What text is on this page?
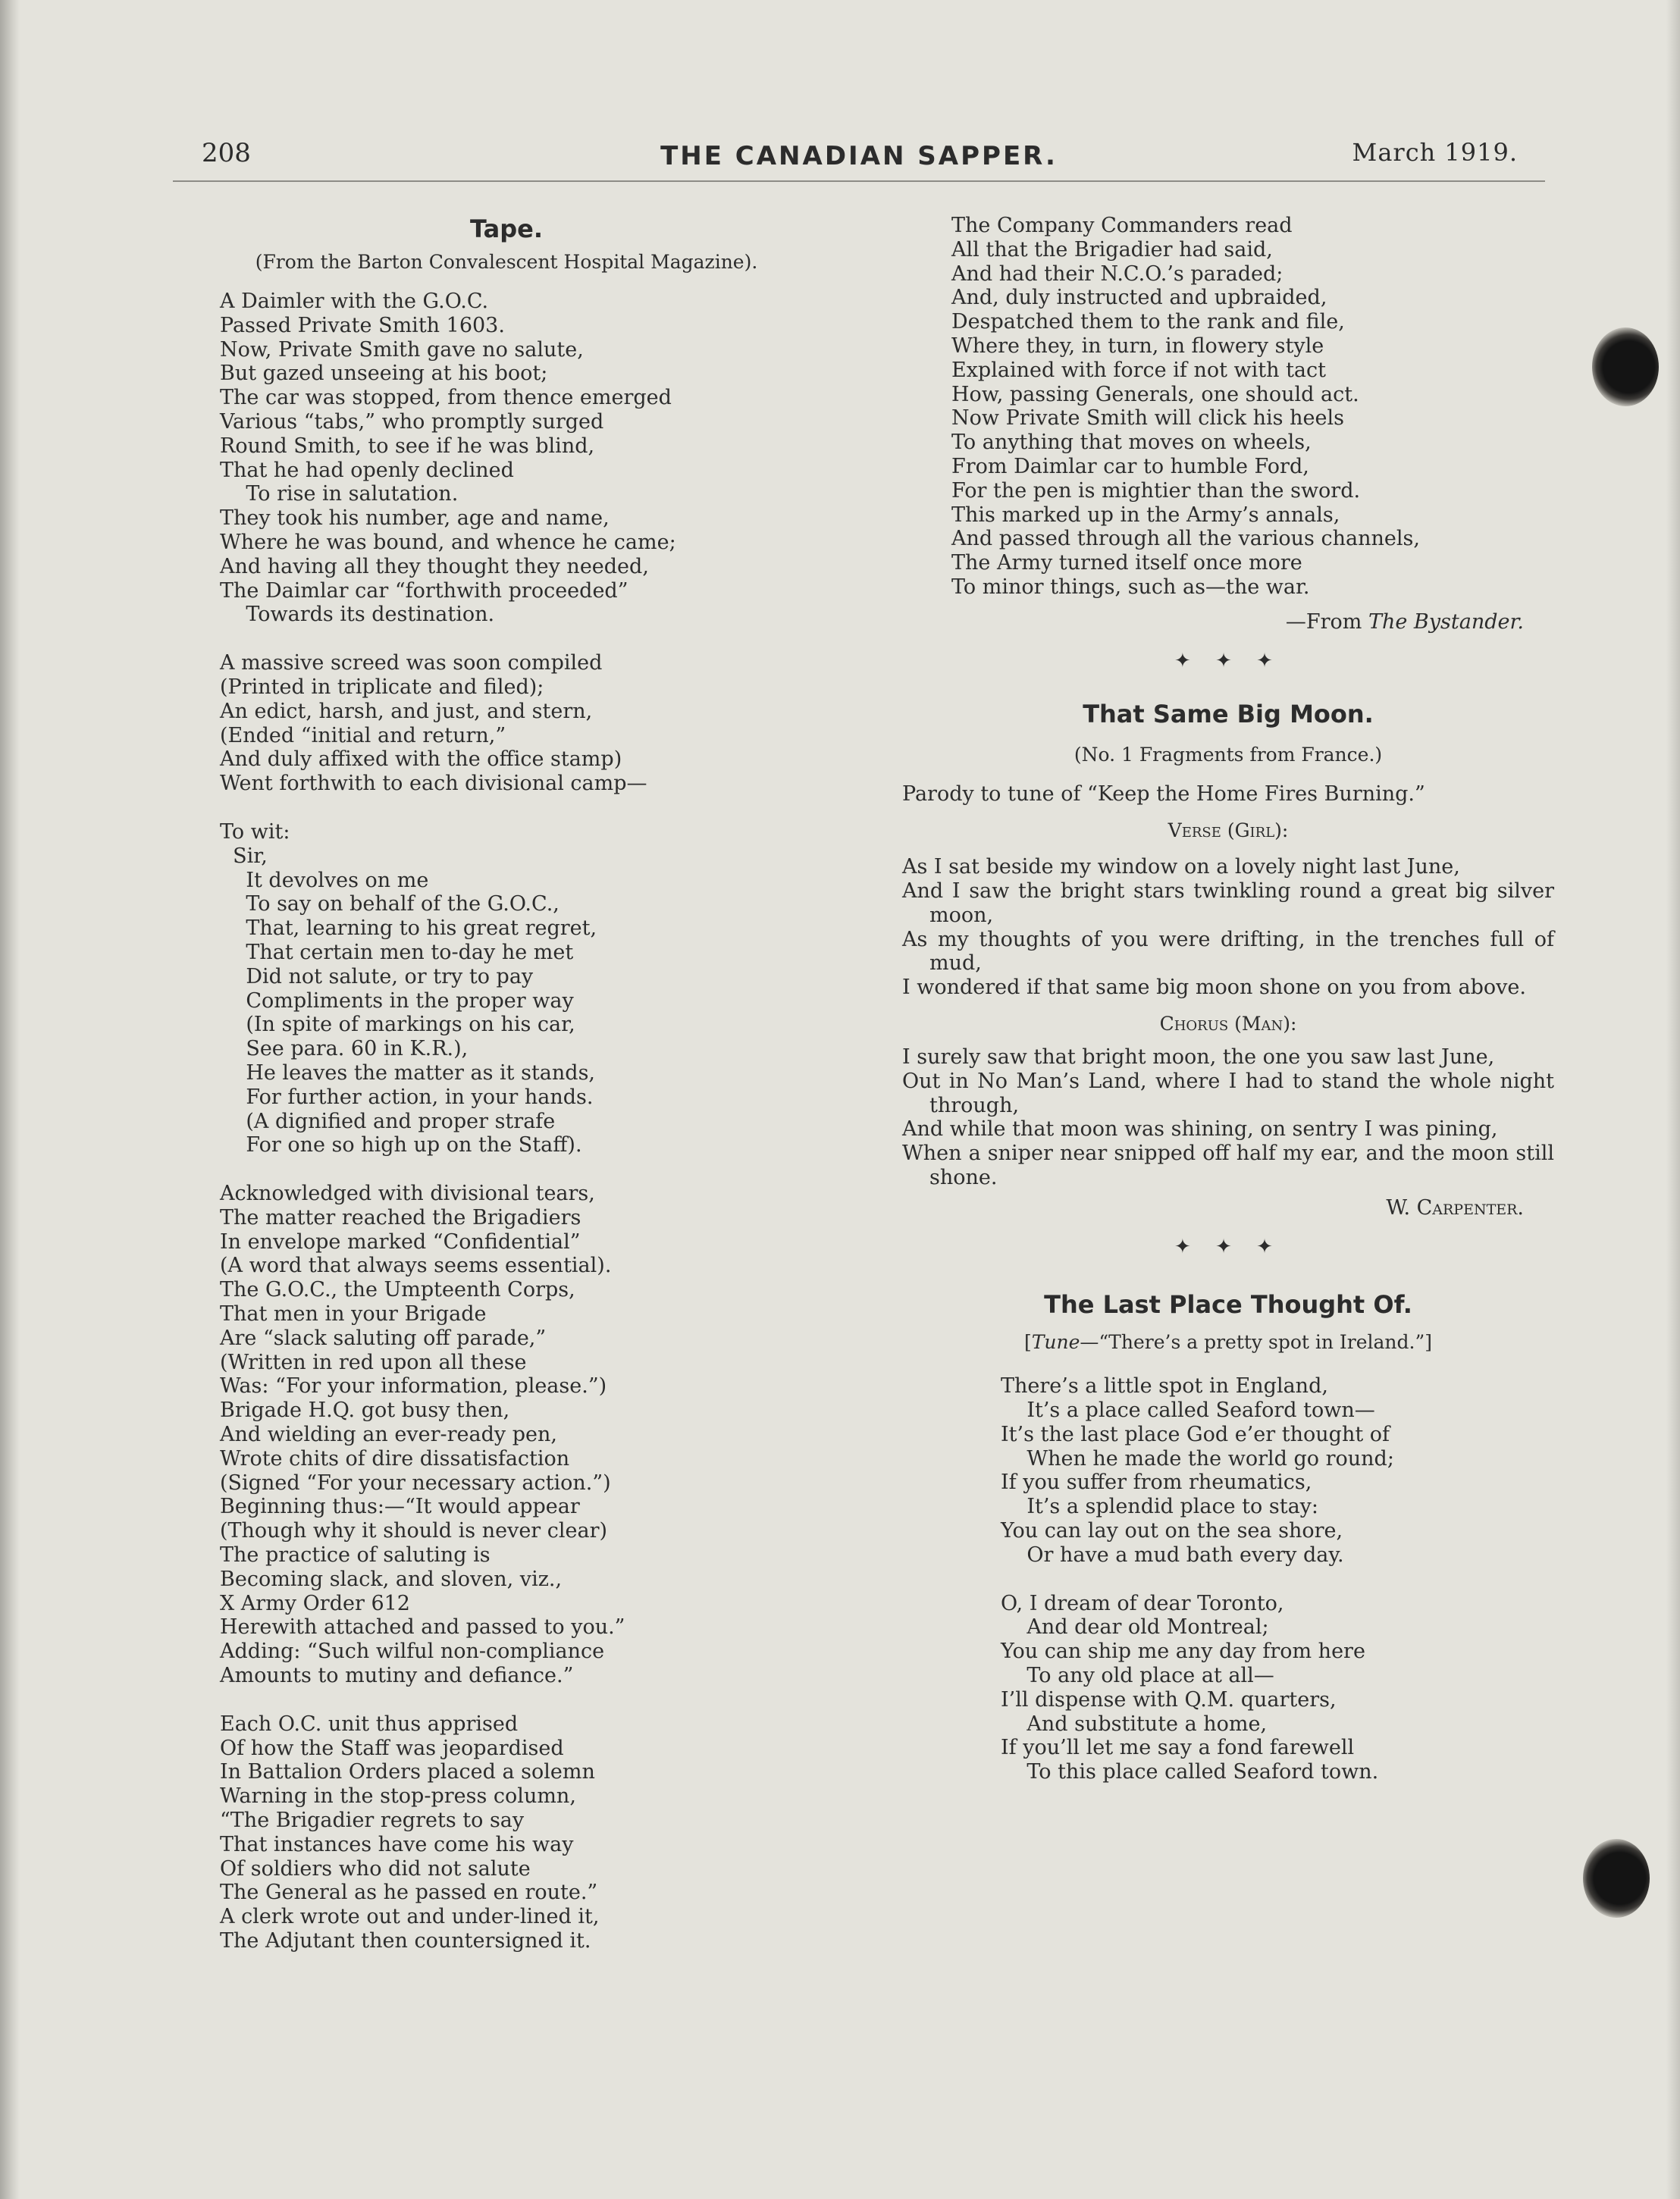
208	THE CANADIAN SAPPER.	March 1919.
Tape.
(From the Barton Convalescent Hospital Magazine).
A Daimler with the G.O.C.
Passed Private Smith 1603.
Now, Private Smith gave no salute,
But gazed unseeing at his boot;
The car was stopped, from thence emerged
Various “tabs,” who promptly surged
Round Smith, to see if he was blind,
That he had openly declined
To rise in salutation.
They took his number, age and name,
Where he was bound, and whence he came;
And having all they thought they needed,
The Daimlar car “forthwith proceeded”
Towards its destination.
A massive screed was soon compiled
(Printed in triplicate and filed);
An edict, harsh, and just, and stern,
(Ended “initial and return,”
And duly affixed with the office stamp)
Went forthwith to each divisional camp—
To wit:
Sir,
It devolves on me
To say on behalf of the G.O.C.,
That, learning to his great regret,
That certain men to-day he met
Did not salute, or try to pay
Compliments in the proper way
(In spite of markings on his car,
See para. 60 in K.R.),
He leaves the matter as it stands,
For further action, in your hands.
(A dignified and proper strafe
For one so high up on the Staff).
Acknowledged with divisional tears,
The matter reached the Brigadiers
In envelope marked “Confidential”
(A word that always seems essential).
The G.O.C., the Umpteenth Corps,
That men in your Brigade
Are “slack saluting off parade,”
(Written in red upon all these
Was: “For your information, please.”)
Brigade H.Q. got busy then,
And wielding an ever-ready pen,
Wrote chits of dire dissatisfaction
(Signed “For your necessary action.”)
Beginning thus:—“It would appear
(Though why it should is never clear)
The practice of saluting is
Becoming slack, and sloven, viz.,
X Army Order 612
Herewith attached and passed to you.”
Adding: “Such wilful non-compliance
Amounts to mutiny and defiance.”
Each O.C. unit thus apprised
Of how the Staff was jeopardised
In Battalion Orders placed a solemn
Warning in the stop-press column,
“The Brigadier regrets to say
That instances have come his way
Of soldiers who did not salute
The General as he passed en route.”
A clerk wrote out and under-lined it,
The Adjutant then countersigned it.
The Company Commanders read
All that the Brigadier had said,
And had their N.C.O.’s paraded;
And, duly instructed and upbraided,
Despatched them to the rank and file,
Where they, in turn, in flowery style
Explained with force if not with tact
How, passing Generals, one should act.
Now Private Smith will click his heels
To anything that moves on wheels,
From Daimlar car to humble Ford,
For the pen is mightier than the sword.
This marked up in the Army’s annals,
And passed through all the various channels,
The Army turned itself once more
To minor things, such as—the war.
—From The Bystander.
✦ ✦ ✦
That Same Big Moon.
(No. 1 Fragments from France.)
Parody to tune of “Keep the Home Fires Burning.”
Verse (Girl):
As I sat beside my window on a lovely night last June,
And I saw the bright stars twinkling round a great big silver moon,
As my thoughts of you were drifting, in the trenches full of mud,
I wondered if that same big moon shone on you from above.
Chorus (Man):
I surely saw that bright moon, the one you saw last June,
Out in No Man’s Land, where I had to stand the whole night through,
And while that moon was shining, on sentry I was pining,
When a sniper near snipped off half my ear, and the moon still shone.
W. Carpenter.
✦ ✦ ✦
The Last Place Thought Of.
[Tune—“There’s a pretty spot in Ireland.”]
There’s a little spot in England,
It’s a place called Seaford town—
It’s the last place God e’er thought of
When he made the world go round;
If you suffer from rheumatics,
It’s a splendid place to stay:
You can lay out on the sea shore,
Or have a mud bath every day.
O, I dream of dear Toronto,
And dear old Montreal;
You can ship me any day from here
To any old place at all—
I’ll dispense with Q.M. quarters,
And substitute a home,
If you’ll let me say a fond farewell
To this place called Seaford town.
